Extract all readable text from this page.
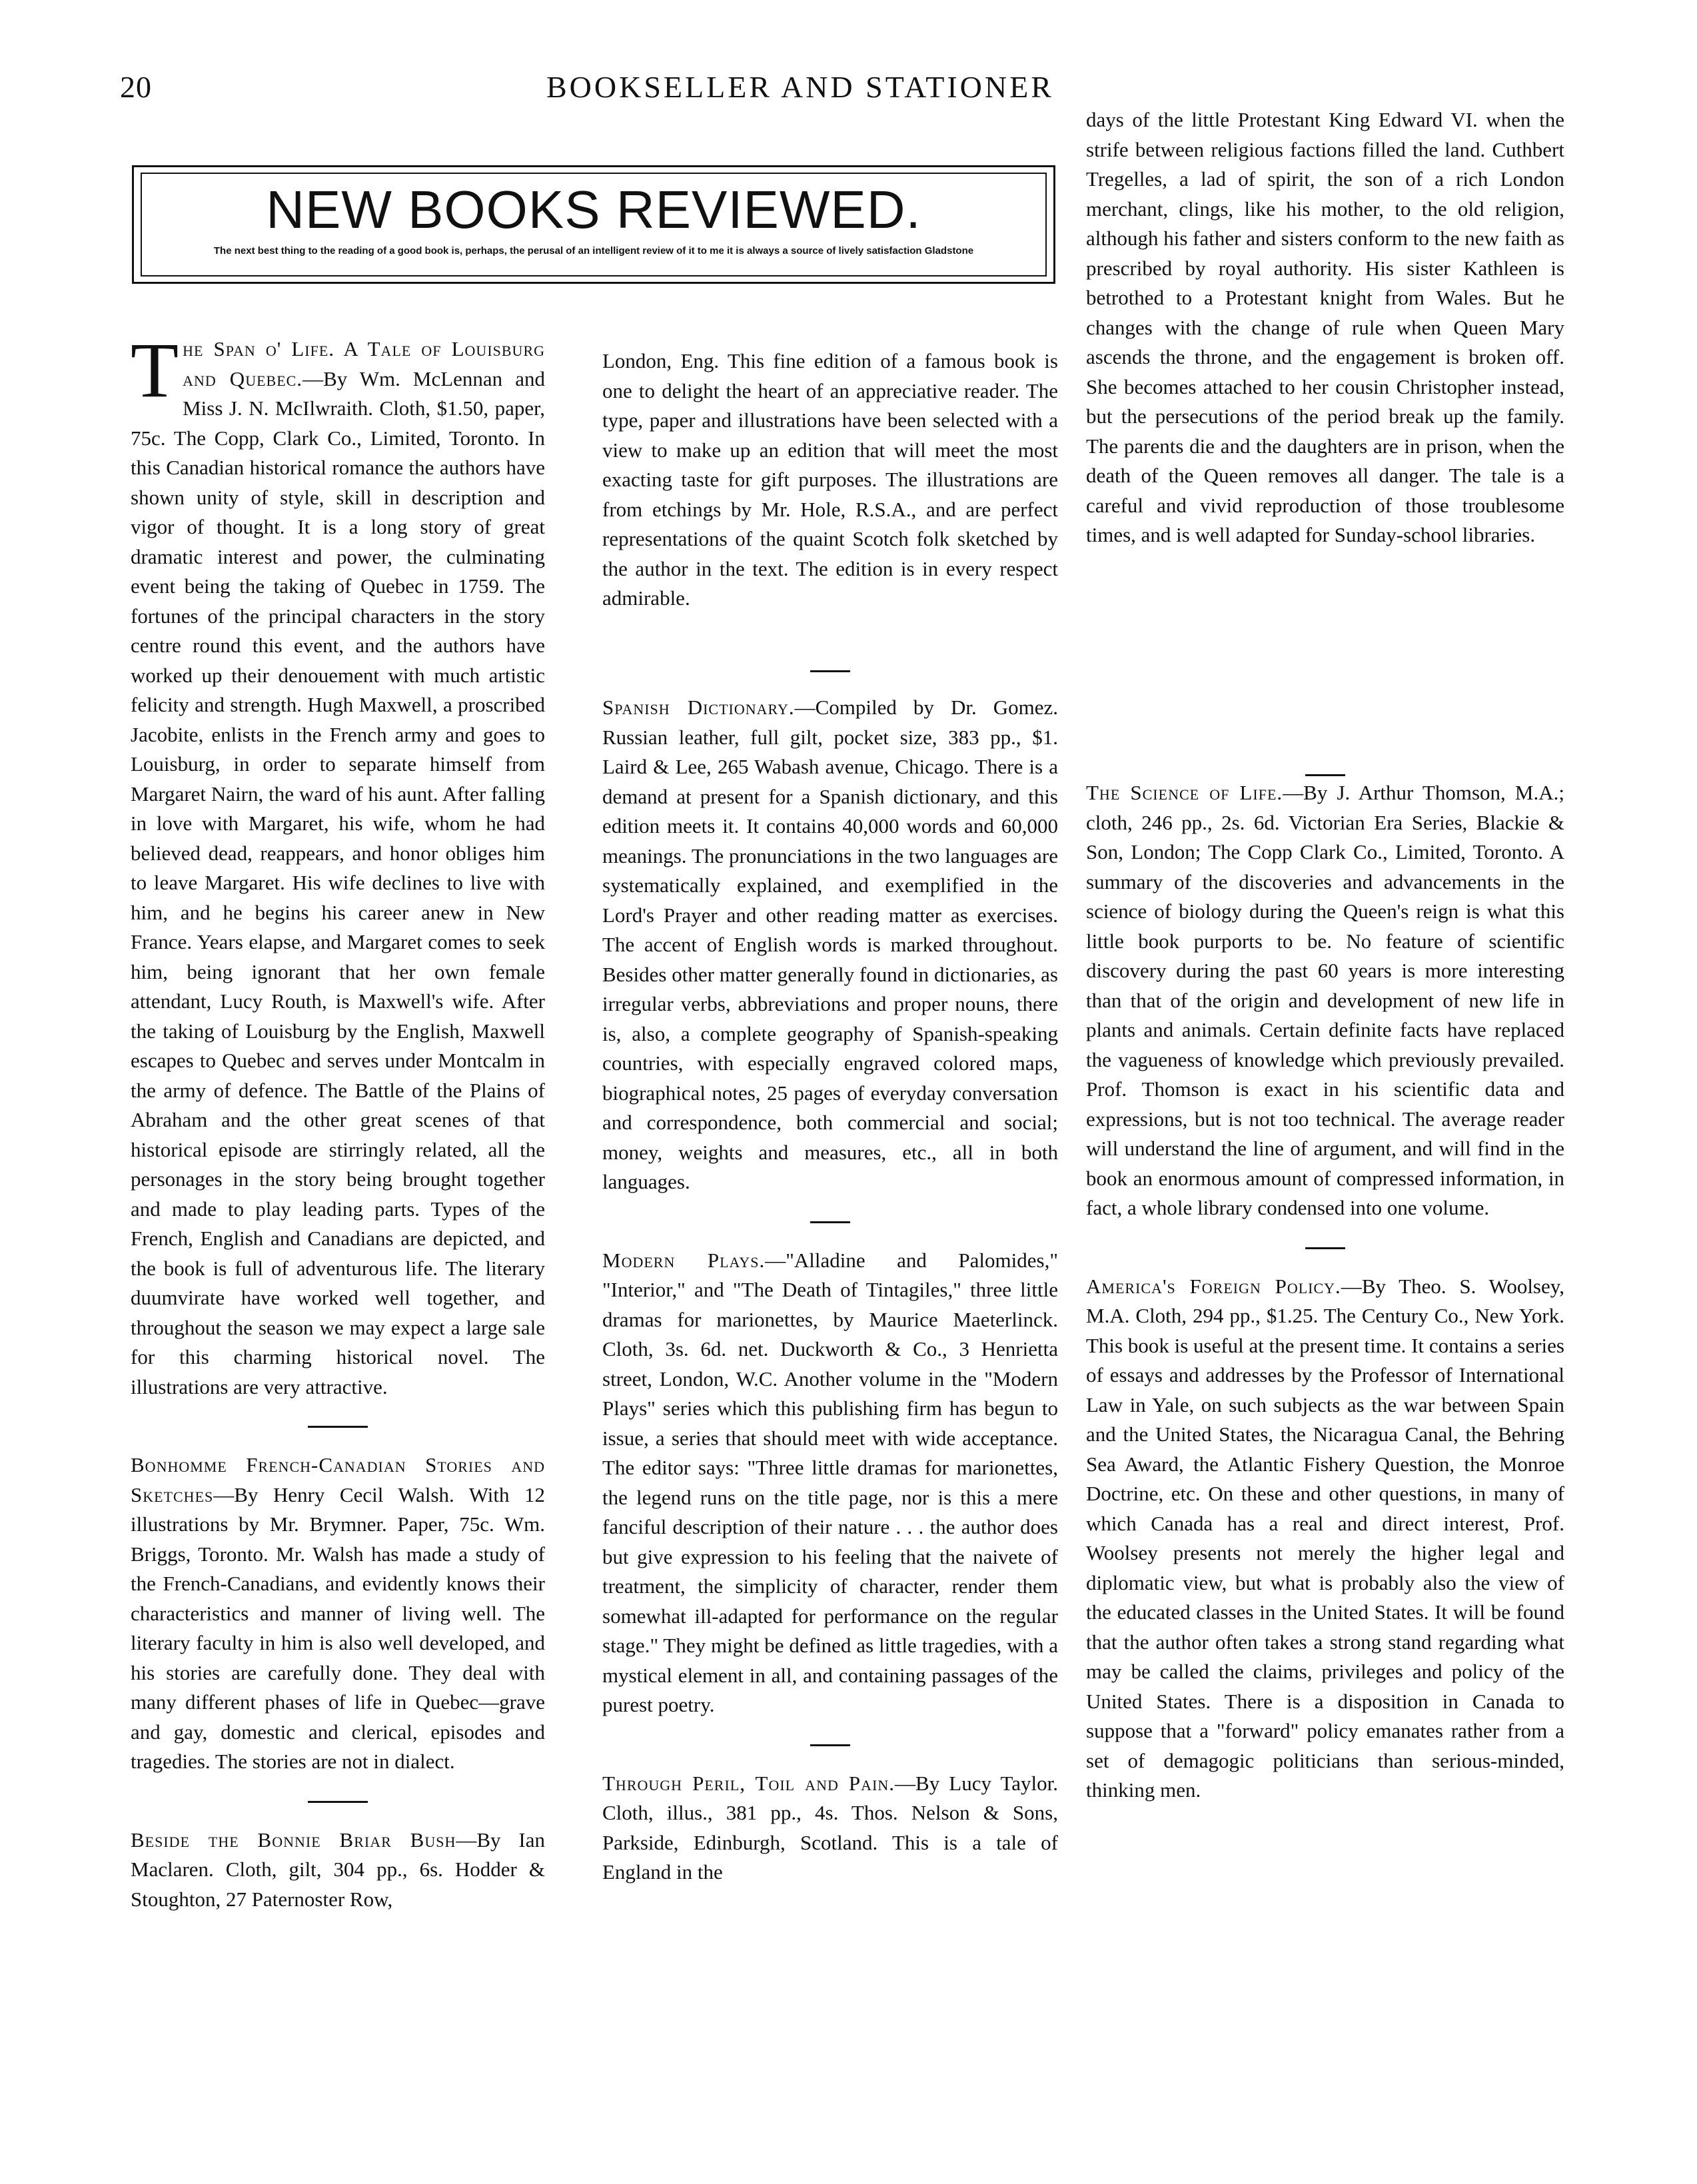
20	BOOKSELLER AND STATIONER
NEW BOOKS REVIEWED.
The next best thing to the reading of a good book is, perhaps, the perusal of an intelligent review of it to me it is always a source of lively satisfaction Gladstone

The Span o' Life. A Tale of Louisburg and Quebec.—By Wm. McLennan and Miss J. N. McIlwraith. Cloth, $1.50, paper, 75c. The Copp, Clark Co., Limited, Toronto. In this Canadian historical romance the authors have shown unity of style, skill in description and vigor of thought. It is a long story of great dramatic interest and power, the culminating event being the taking of Quebec in 1759. The fortunes of the principal characters in the story centre round this event, and the authors have worked up their denouement with much artistic felicity and strength. Hugh Maxwell, a proscribed Jacobite, enlists in the French army and goes to Louisburg, in order to separate himself from Margaret Nairn, the ward of his aunt. After falling in love with Margaret, his wife, whom he had believed dead, reappears, and honor obliges him to leave Margaret. His wife declines to live with him, and he begins his career anew in New France. Years elapse, and Margaret comes to seek him, being ignorant that her own female attendant, Lucy Routh, is Maxwell's wife. After the taking of Louisburg by the English, Maxwell escapes to Quebec and serves under Montcalm in the army of defence. The Battle of the Plains of Abraham and the other great scenes of that historical episode are stirringly related, all the personages in the story being brought together and made to play leading parts. Types of the French, English and Canadians are depicted, and the book is full of adventurous life. The literary duumvirate have worked well together, and throughout the season we may expect a large sale for this charming historical novel. The illustrations are very attractive.

Bonhomme French-Canadian Stories and Sketches—By Henry Cecil Walsh. With 12 illustrations by Mr. Brymner. Paper, 75c. Wm. Briggs, Toronto. Mr. Walsh has made a study of the French-Canadians, and evidently knows their characteristics and manner of living well. The literary faculty in him is also well developed, and his stories are carefully done. They deal with many different phases of life in Quebec—grave and gay, domestic and clerical, episodes and tragedies. The stories are not in dialect.

Beside the Bonnie Briar Bush—By Ian Maclaren. Cloth, gilt, 304 pp., 6s. Hodder & Stoughton, 27 Paternoster Row,

London, Eng. This fine edition of a famous book is one to delight the heart of an appreciative reader. The type, paper and illustrations have been selected with a view to make up an edition that will meet the most exacting taste for gift purposes. The illustrations are from etchings by Mr. Hole, R.S.A., and are perfect representations of the quaint Scotch folk sketched by the author in the text. The edition is in every respect admirable.

Spanish Dictionary.—Compiled by Dr. Gomez. Russian leather, full gilt, pocket size, 383 pp., $1. Laird & Lee, 265 Wabash avenue, Chicago. There is a demand at present for a Spanish dictionary, and this edition meets it. It contains 40,000 words and 60,000 meanings. The pronunciations in the two languages are systematically explained, and exemplified in the Lord's Prayer and other reading matter as exercises. The accent of English words is marked throughout. Besides other matter generally found in dictionaries, as irregular verbs, abbreviations and proper nouns, there is, also, a complete geography of Spanish-speaking countries, with especially engraved colored maps, biographical notes, 25 pages of everyday conversation and correspondence, both commercial and social; money, weights and measures, etc., all in both languages.

Modern Plays.—"Alladine and Palomides," "Interior," and "The Death of Tintagiles," three little dramas for marionettes, by Maurice Maeterlinck. Cloth, 3s. 6d. net. Duckworth & Co., 3 Henrietta street, London, W.C. Another volume in the "Modern Plays" series which this publishing firm has begun to issue, a series that should meet with wide acceptance. The editor says: "Three little dramas for marionettes, the legend runs on the title page, nor is this a mere fanciful description of their nature . . . the author does but give expression to his feeling that the naivete of treatment, the simplicity of character, render them somewhat ill-adapted for performance on the regular stage." They might be defined as little tragedies, with a mystical element in all, and containing passages of the purest poetry.

Through Peril, Toil and Pain.—By Lucy Taylor. Cloth, illus., 381 pp., 4s. Thos. Nelson & Sons, Parkside, Edinburgh, Scotland. This is a tale of England in the

days of the little Protestant King Edward VI. when the strife between religious factions filled the land. Cuthbert Tregelles, a lad of spirit, the son of a rich London merchant, clings, like his mother, to the old religion, although his father and sisters conform to the new faith as prescribed by royal authority. His sister Kathleen is betrothed to a Protestant knight from Wales. But he changes with the change of rule when Queen Mary ascends the throne, and the engagement is broken off. She becomes attached to her cousin Christopher instead, but the persecutions of the period break up the family. The parents die and the daughters are in prison, when the death of the Queen removes all danger. The tale is a careful and vivid reproduction of those troublesome times, and is well adapted for Sunday-school libraries.

The Science of Life.—By J. Arthur Thomson, M.A.; cloth, 246 pp., 2s. 6d. Victorian Era Series, Blackie & Son, London; The Copp Clark Co., Limited, Toronto. A summary of the discoveries and advancements in the science of biology during the Queen's reign is what this little book purports to be. No feature of scientific discovery during the past 60 years is more interesting than that of the origin and development of new life in plants and animals. Certain definite facts have replaced the vagueness of knowledge which previously prevailed. Prof. Thomson is exact in his scientific data and expressions, but is not too technical. The average reader will understand the line of argument, and will find in the book an enormous amount of compressed information, in fact, a whole library condensed into one volume.

America's Foreign Policy.—By Theo. S. Woolsey, M.A. Cloth, 294 pp., $1.25. The Century Co., New York. This book is useful at the present time. It contains a series of essays and addresses by the Professor of International Law in Yale, on such subjects as the war between Spain and the United States, the Nicaragua Canal, the Behring Sea Award, the Atlantic Fishery Question, the Monroe Doctrine, etc. On these and other questions, in many of which Canada has a real and direct interest, Prof. Woolsey presents not merely the higher legal and diplomatic view, but what is probably also the view of the educated classes in the United States. It will be found that the author often takes a strong stand regarding what may be called the claims, privileges and policy of the United States. There is a disposition in Canada to suppose that a "forward" policy emanates rather from a set of demagogic politicians than serious-minded, thinking men.
